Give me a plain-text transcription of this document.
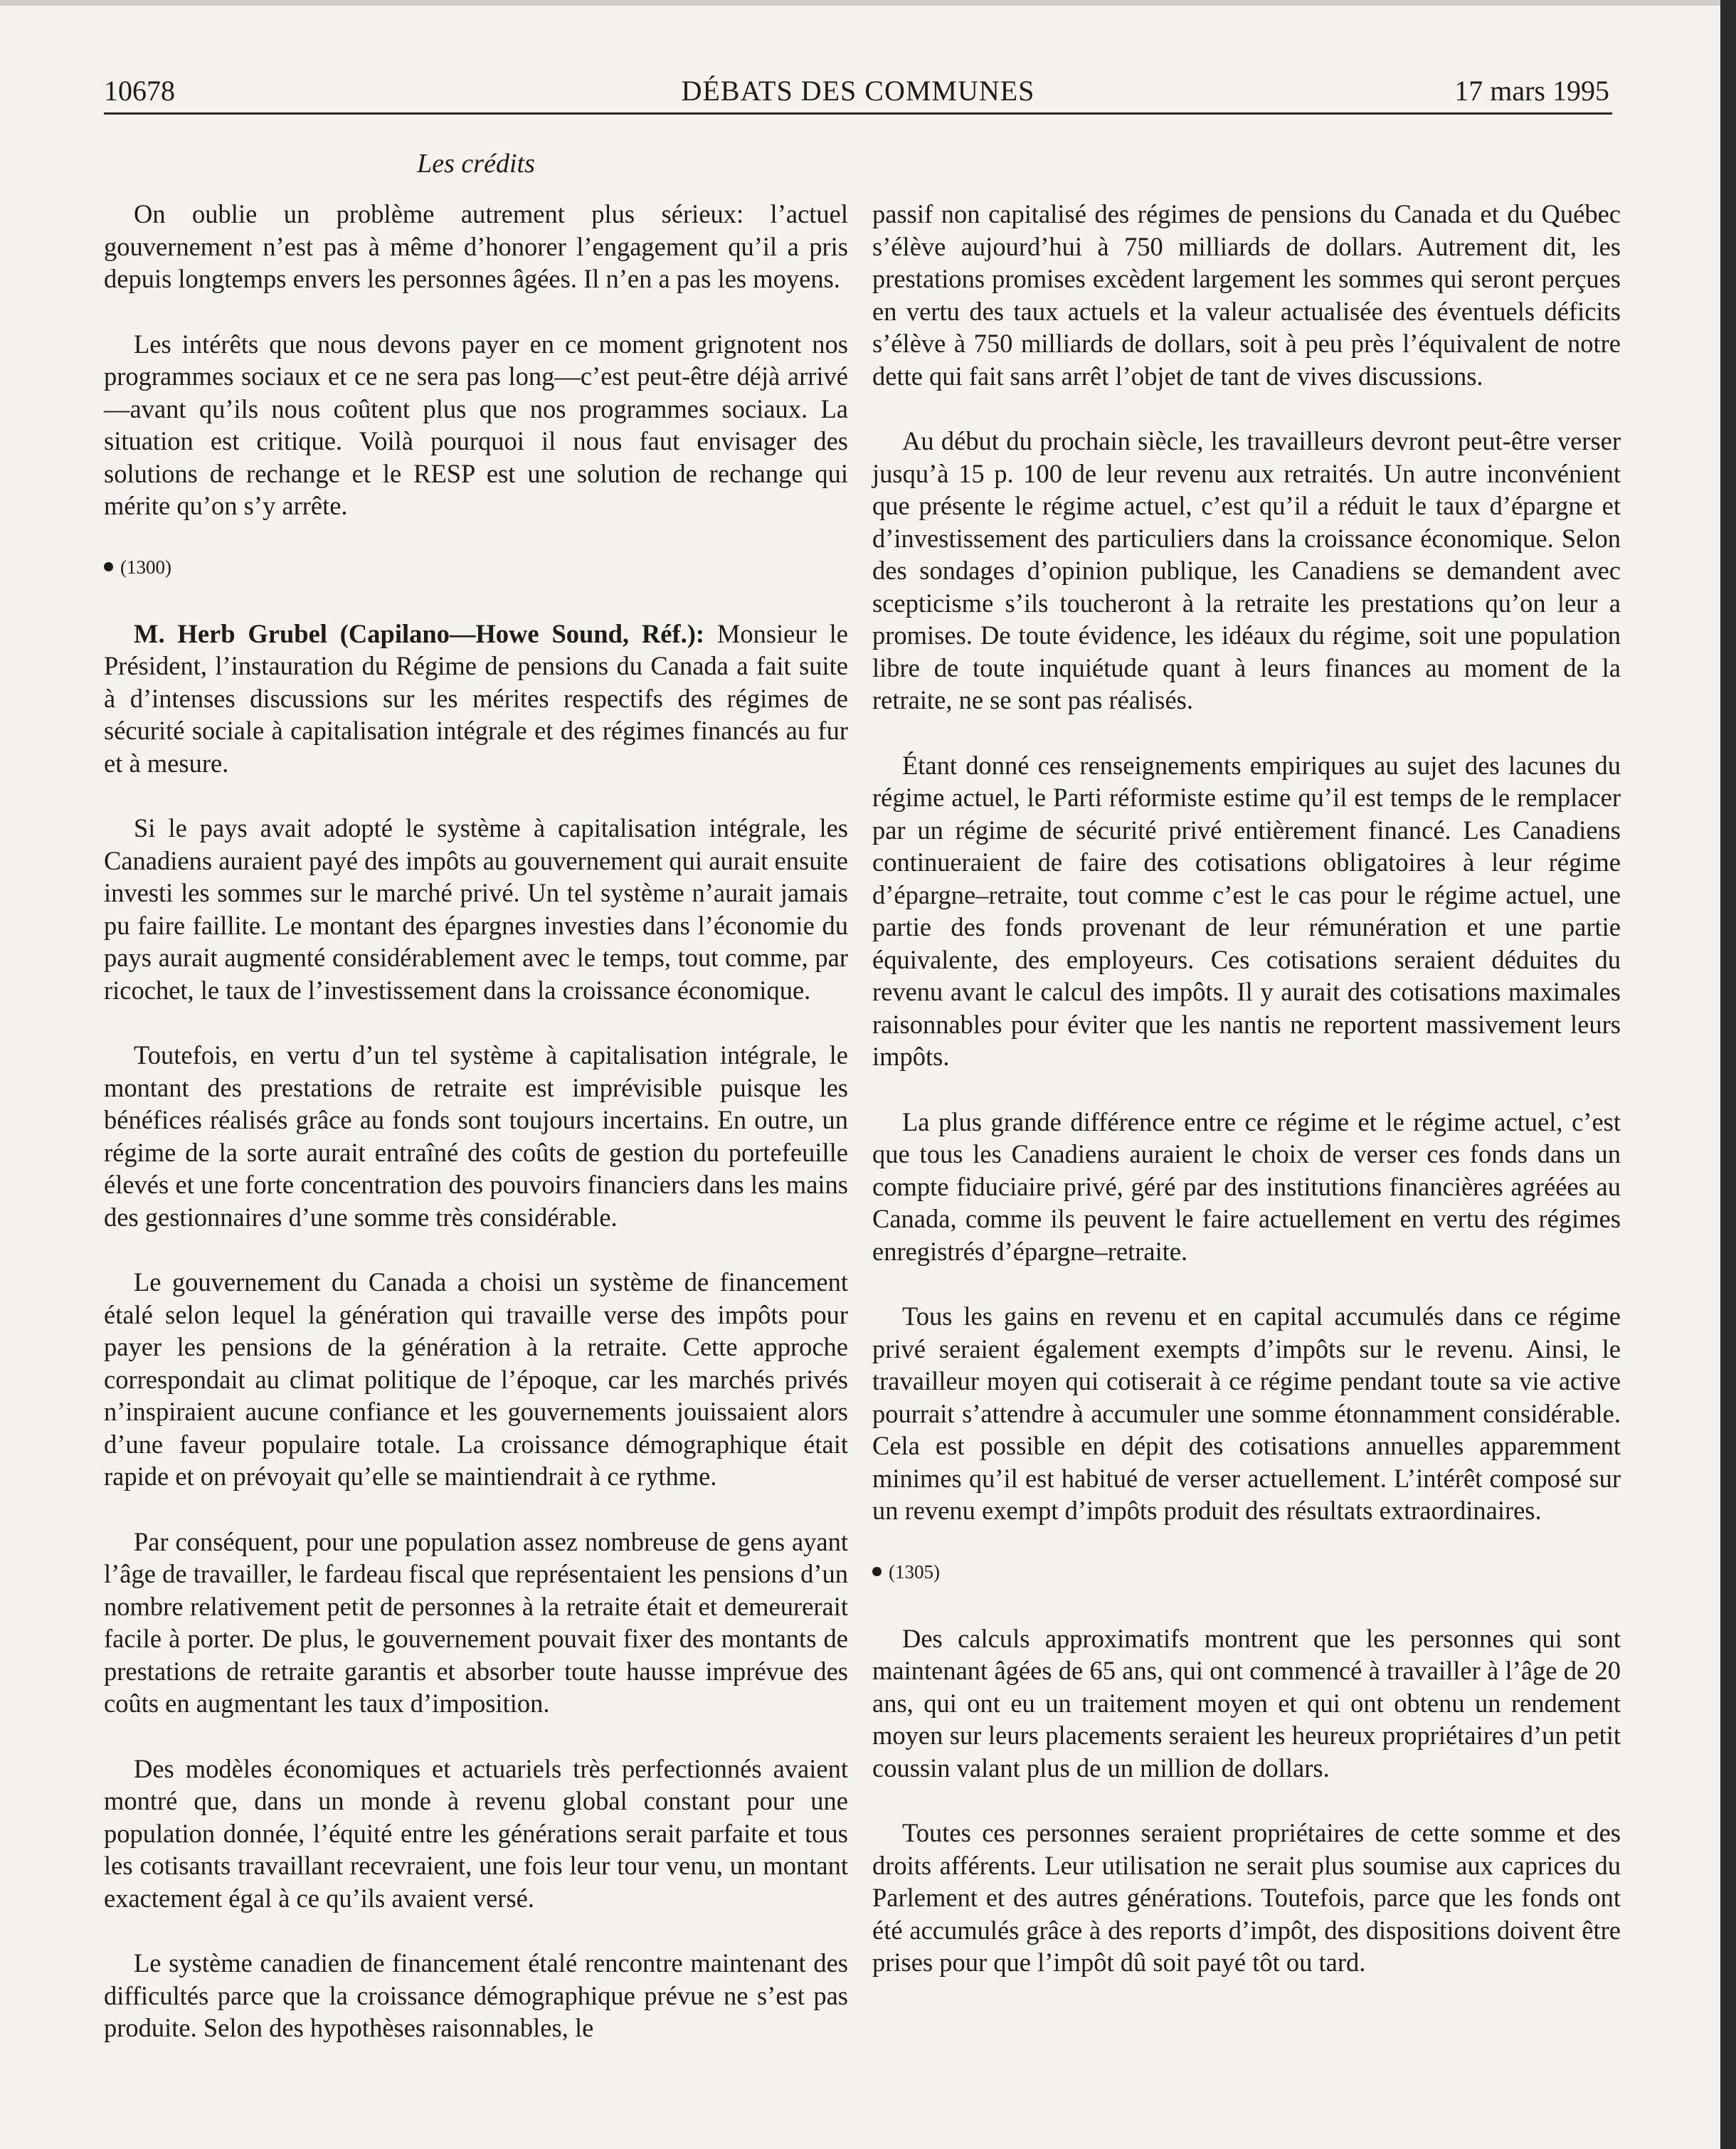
10678	DÉBATS DES COMMUNES	17 mars 1995
Les crédits

On oublie un problème autrement plus sérieux: l’actuel gouvernement n’est pas à même d’honorer l’engagement qu’il a pris depuis longtemps envers les personnes âgées. Il n’en a pas les moyens.

Les intérêts que nous devons payer en ce moment grignotent nos programmes sociaux et ce ne sera pas long—c’est peut-être déjà arrivé—avant qu’ils nous coûtent plus que nos programmes sociaux. La situation est critique. Voilà pourquoi il nous faut envisager des solutions de rechange et le RESP est une solution de rechange qui mérite qu’on s’y arrête.

(1300)

M. Herb Grubel (Capilano—Howe Sound, Réf.): Monsieur le Président, l’instauration du Régime de pensions du Canada a fait suite à d’intenses discussions sur les mérites respectifs des régimes de sécurité sociale à capitalisation intégrale et des régimes financés au fur et à mesure.

Si le pays avait adopté le système à capitalisation intégrale, les Canadiens auraient payé des impôts au gouvernement qui aurait ensuite investi les sommes sur le marché privé. Un tel système n’aurait jamais pu faire faillite. Le montant des épargnes investies dans l’économie du pays aurait augmenté considérablement avec le temps, tout comme, par ricochet, le taux de l’investissement dans la croissance économique.

Toutefois, en vertu d’un tel système à capitalisation intégrale, le montant des prestations de retraite est imprévisible puisque les bénéfices réalisés grâce au fonds sont toujours incertains. En outre, un régime de la sorte aurait entraîné des coûts de gestion du portefeuille élevés et une forte concentration des pouvoirs financiers dans les mains des gestionnaires d’une somme très considérable.

Le gouvernement du Canada a choisi un système de financement étalé selon lequel la génération qui travaille verse des impôts pour payer les pensions de la génération à la retraite. Cette approche correspondait au climat politique de l’époque, car les marchés privés n’inspiraient aucune confiance et les gouvernements jouissaient alors d’une faveur populaire totale. La croissance démographique était rapide et on prévoyait qu’elle se maintiendrait à ce rythme.

Par conséquent, pour une population assez nombreuse de gens ayant l’âge de travailler, le fardeau fiscal que représentaient les pensions d’un nombre relativement petit de personnes à la retraite était et demeurerait facile à porter. De plus, le gouvernement pouvait fixer des montants de prestations de retraite garantis et absorber toute hausse imprévue des coûts en augmentant les taux d’imposition.

Des modèles économiques et actuariels très perfectionnés avaient montré que, dans un monde à revenu global constant pour une population donnée, l’équité entre les générations serait parfaite et tous les cotisants travaillant recevraient, une fois leur tour venu, un montant exactement égal à ce qu’ils avaient versé.

Le système canadien de financement étalé rencontre maintenant des difficultés parce que la croissance démographique prévue ne s’est pas produite. Selon des hypothèses raisonnables, le

passif non capitalisé des régimes de pensions du Canada et du Québec s’élève aujourd’hui à 750 milliards de dollars. Autrement dit, les prestations promises excèdent largement les sommes qui seront perçues en vertu des taux actuels et la valeur actualisée des éventuels déficits s’élève à 750 milliards de dollars, soit à peu près l’équivalent de notre dette qui fait sans arrêt l’objet de tant de vives discussions.

Au début du prochain siècle, les travailleurs devront peut-être verser jusqu’à 15 p. 100 de leur revenu aux retraités. Un autre inconvénient que présente le régime actuel, c’est qu’il a réduit le taux d’épargne et d’investissement des particuliers dans la croissance économique. Selon des sondages d’opinion publique, les Canadiens se demandent avec scepticisme s’ils toucheront à la retraite les prestations qu’on leur a promises. De toute évidence, les idéaux du régime, soit une population libre de toute inquiétude quant à leurs finances au moment de la retraite, ne se sont pas réalisés.

Étant donné ces renseignements empiriques au sujet des lacunes du régime actuel, le Parti réformiste estime qu’il est temps de le remplacer par un régime de sécurité privé entièrement financé. Les Canadiens continueraient de faire des cotisations obligatoires à leur régime d’épargne–retraite, tout comme c’est le cas pour le régime actuel, une partie des fonds provenant de leur rémunération et une partie équivalente, des employeurs. Ces cotisations seraient déduites du revenu avant le calcul des impôts. Il y aurait des cotisations maximales raisonnables pour éviter que les nantis ne reportent massivement leurs impôts.

La plus grande différence entre ce régime et le régime actuel, c’est que tous les Canadiens auraient le choix de verser ces fonds dans un compte fiduciaire privé, géré par des institutions financières agréées au Canada, comme ils peuvent le faire actuellement en vertu des régimes enregistrés d’épargne–retraite.

Tous les gains en revenu et en capital accumulés dans ce régime privé seraient également exempts d’impôts sur le revenu. Ainsi, le travailleur moyen qui cotiserait à ce régime pendant toute sa vie active pourrait s’attendre à accumuler une somme étonnamment considérable. Cela est possible en dépit des cotisations annuelles apparemment minimes qu’il est habitué de verser actuellement. L’intérêt composé sur un revenu exempt d’impôts produit des résultats extraordinaires.

(1305)

Des calculs approximatifs montrent que les personnes qui sont maintenant âgées de 65 ans, qui ont commencé à travailler à l’âge de 20 ans, qui ont eu un traitement moyen et qui ont obtenu un rendement moyen sur leurs placements seraient les heureux propriétaires d’un petit coussin valant plus de un million de dollars.

Toutes ces personnes seraient propriétaires de cette somme et des droits afférents. Leur utilisation ne serait plus soumise aux caprices du Parlement et des autres générations. Toutefois, parce que les fonds ont été accumulés grâce à des reports d’impôt, des dispositions doivent être prises pour que l’impôt dû soit payé tôt ou tard.
